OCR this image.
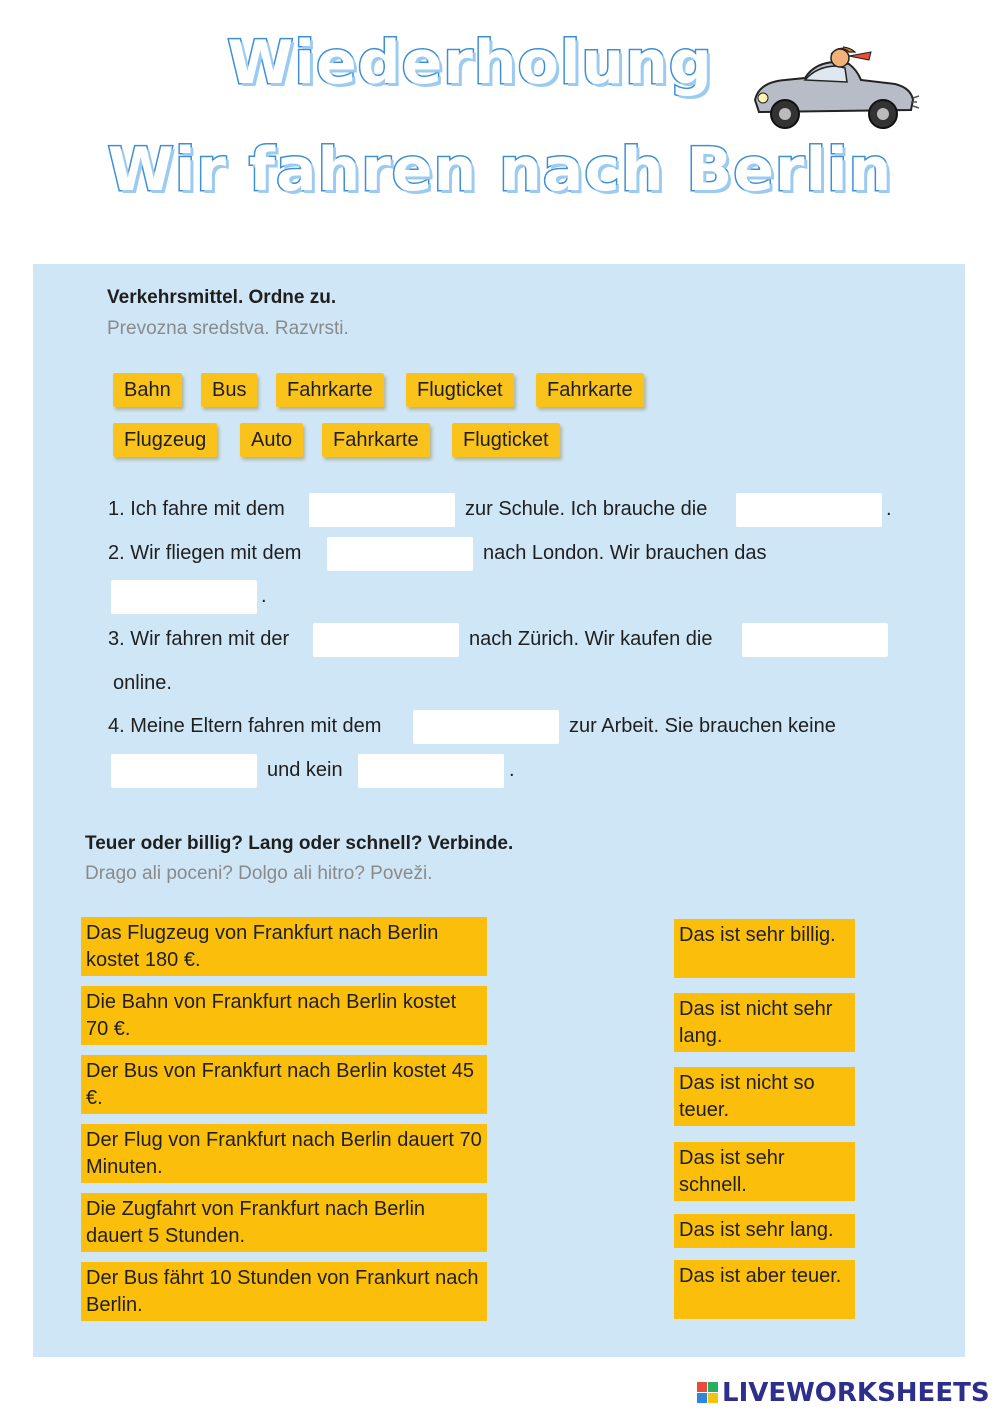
Wiederholung
Wir fahren nach Berlin
Verkehrsmittel. Ordne zu.
Prevozna sredstva. Razvrsti.
Bahn	Bus	Fahrkarte	Flugticket	Fahrkarte
Flugzeug	Auto	Fahrkarte	Flugticket
1. Ich fahre mit dem	zur Schule. Ich brauche die	.
2. Wir fliegen mit dem	nach London. Wir brauchen das
.
3. Wir fahren mit der	nach Zürich. Wir kaufen die
online.
4. Meine Eltern fahren mit dem	zur Arbeit. Sie brauchen keine
und kein	.
Teuer oder billig? Lang oder schnell? Verbinde.
Drago ali poceni? Dolgo ali hitro? Poveži.
Das Flugzeug von Frankfurt nach Berlin kostet 180 €.
Die Bahn von Frankfurt nach Berlin kostet 70 €.
Der Bus von Frankfurt nach Berlin kostet 45 €.
Der Flug von Frankfurt nach Berlin dauert 70 Minuten.
Die Zugfahrt von Frankfurt nach Berlin dauert 5 Stunden.
Der Bus fährt 10 Stunden von Frankurt nach Berlin.
Das ist sehr billig.
Das ist nicht sehr lang.
Das ist nicht so teuer.
Das ist sehr schnell.
Das ist sehr lang.
Das ist aber teuer.
LIVEWORKSHEETS
